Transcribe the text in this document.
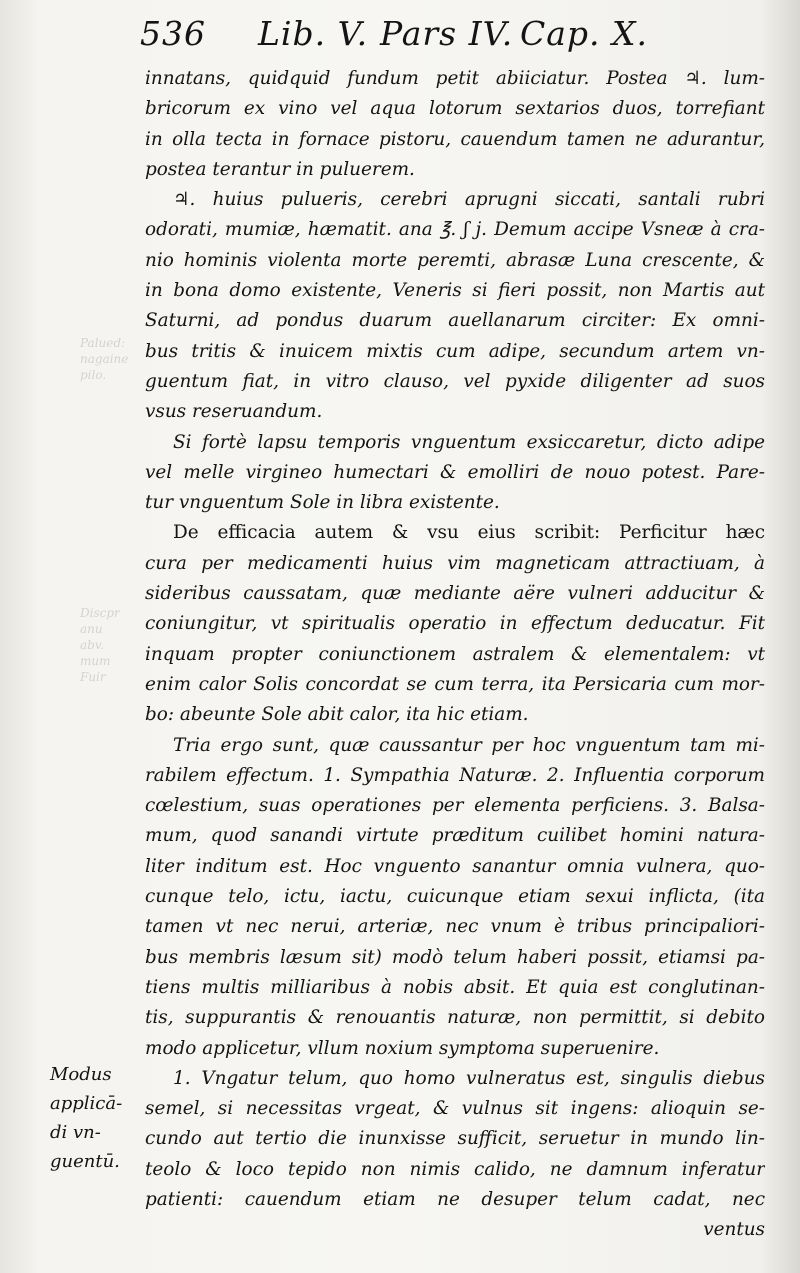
Palued:
nagaine
pilo.
Discpr
anu
abv.
mum
Fuir
536 Lib. V. Pars IV. Cap. X.
innatans, quidquid fundum petit abiiciatur. Postea ♃. lum-
bricorum ex vino vel aqua lotorum sextarios duos, torrefiant
in olla tecta in fornace pistoru, cauendum tamen ne adurantur,
postea terantur in puluerem.
♃. huius pulueris, cerebri aprugni siccati, santali rubri
odorati, mumiæ, hæmatit. ana ℥. ʃ j. Demum accipe Vsneæ à cra-
nio hominis violenta morte peremti, abrasæ Luna crescente, &
in bona domo existente, Veneris si fieri possit, non Martis aut
Saturni, ad pondus duarum auellanarum circiter: Ex omni-
bus tritis & inuicem mixtis cum adipe, secundum artem vn-
guentum fiat, in vitro clauso, vel pyxide diligenter ad suos
vsus reseruandum.
Si fortè lapsu temporis vnguentum exsiccaretur, dicto adipe
vel melle virgineo humectari & emolliri de nouo potest. Pare-
tur vnguentum Sole in libra existente.
De efficacia autem & vsu eius scribit: Perficitur hæc
cura per medicamenti huius vim magneticam attractiuam, à
sideribus caussatam, quæ mediante aëre vulneri adducitur &
coniungitur, vt spiritualis operatio in effectum deducatur. Fit
inquam propter coniunctionem astralem & elementalem: vt
enim calor Solis concordat se cum terra, ita Persicaria cum mor-
bo: abeunte Sole abit calor, ita hic etiam.
Tria ergo sunt, quæ caussantur per hoc vnguentum tam mi-
rabilem effectum. 1. Sympathia Naturæ. 2. Influentia corporum
cœlestium, suas operationes per elementa perficiens. 3. Balsa-
mum, quod sanandi virtute præditum cuilibet homini natura-
liter inditum est. Hoc vnguento sanantur omnia vulnera, quo-
cunque telo, ictu, iactu, cuicunque etiam sexui inflicta, (ita
tamen vt nec nerui, arteriæ, nec vnum è tribus principaliori-
bus membris læsum sit) modò telum haberi possit, etiamsi pa-
tiens multis milliaribus à nobis absit. Et quia est conglutinan-
tis, suppurantis & renouantis naturæ, non permittit, si debito
modo applicetur, vllum noxium symptoma superuenire.
1. Vngatur telum, quo homo vulneratus est, singulis diebus
semel, si necessitas vrgeat, & vulnus sit ingens: alioquin se-
cundo aut tertio die inunxisse sufficit, seruetur in mundo lin-
teolo & loco tepido non nimis calido, ne damnum inferatur
patienti: cauendum etiam ne desuper telum cadat, nec
ventus
Modus
applicā-
di vn-
guentū.
